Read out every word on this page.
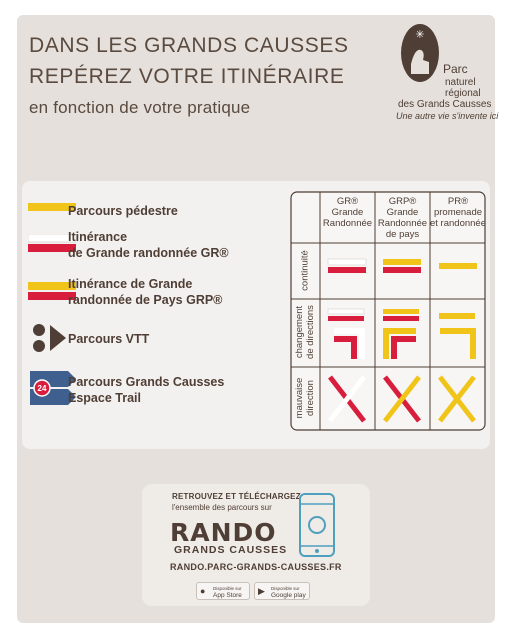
DANS LES GRANDS CAUSSES
REPÉREZ VOTRE ITINÉRAIRE
en fonction de votre pratique
✳
Parc
naturel
régional
des Grands Causses
Une autre vie s'invente ici
24
Parcours pédestre
Itinérance
de Grande randonnée GR®
Itinérance de Grande
randonnée de Pays GRP®
Parcours VTT
Parcours Grands Causses
Espace Trail
GR®
Grande
Randonnée
GRP®
Grande
Randonnée
de pays
PR®
promenade
et randonnée
continuité
changement de directions
mauvaise direction
RETROUVEZ ET TÉLÉCHARGEZ
l'ensemble des parcours sur
RANDO
GRANDS CAUSSES
RANDO.PARC-GRANDS-CAUSSES.FR
Disponible sur
App Store
Disponible sur
Google play
●	▶
